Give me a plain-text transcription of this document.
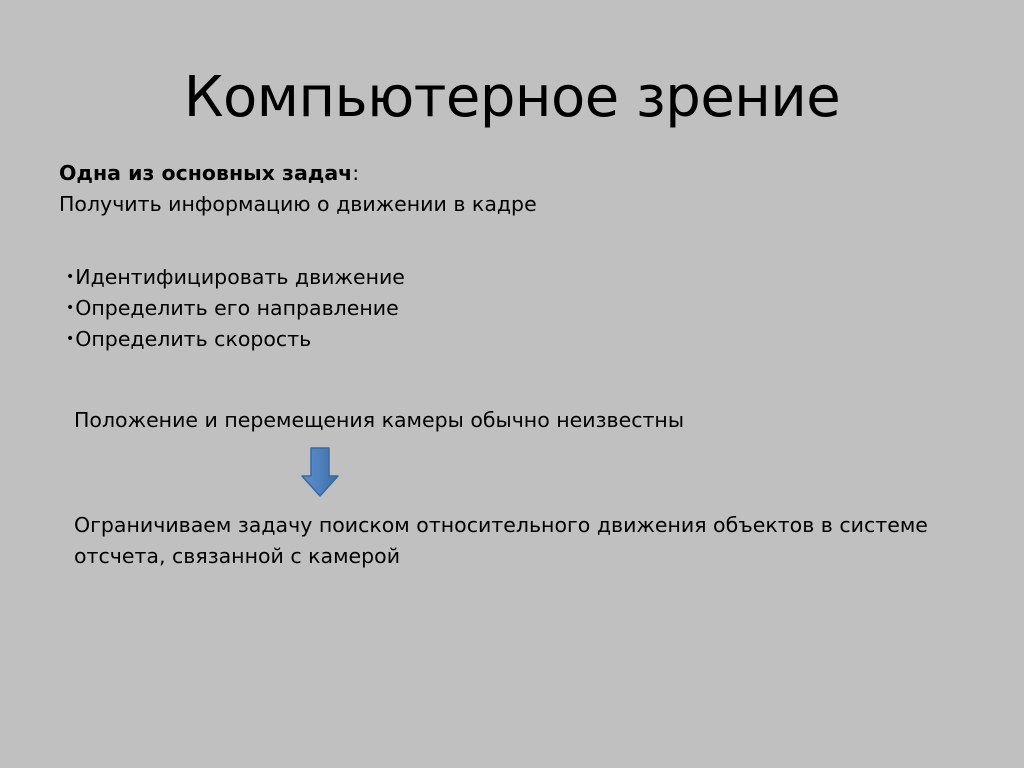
Компьютерное зрение
Одна из основных задач:
Получить информацию о движении в кадре
• Идентифицировать движение
• Определить его направление
• Определить скорость
Положение и перемещения камеры обычно неизвестны
Ограничиваем задачу поиском относительного движения объектов в системе отсчета, связанной с камерой
